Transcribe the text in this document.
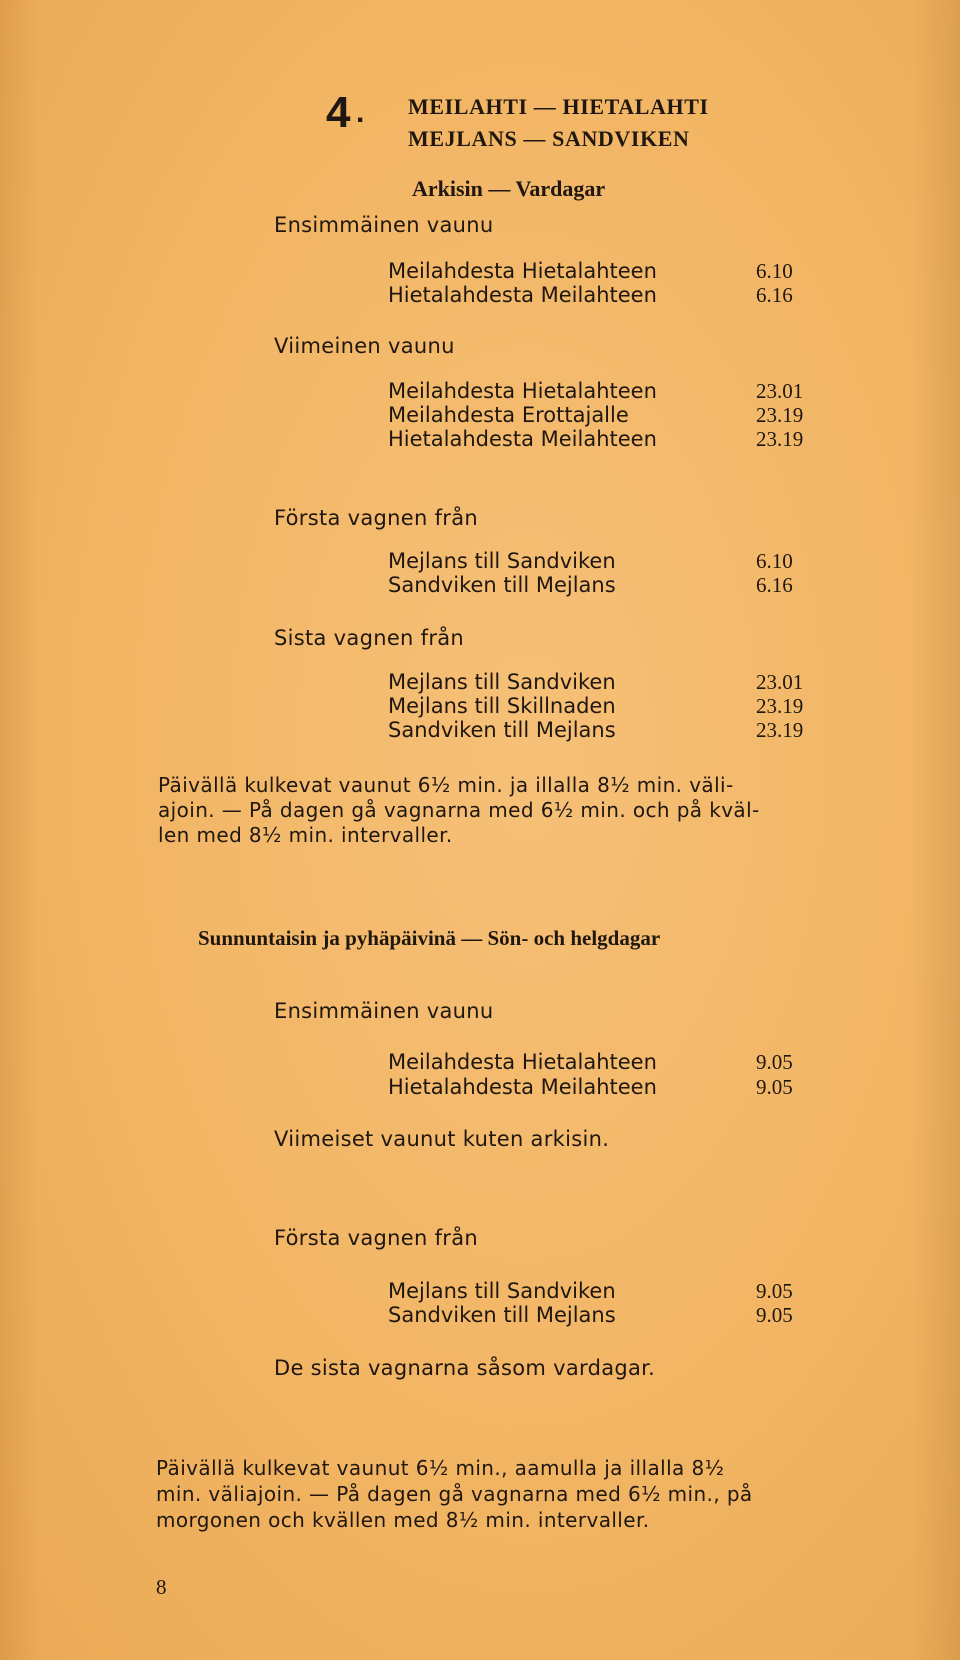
4 . MEILAHTI — HIETALAHTI
MEJLANS — SANDVIKEN
Arkisin — Vardagar
Ensimmäinen vaunu
Meilahdesta Hietalahteen	6.10
Hietalahdesta Meilahteen	6.16
Viimeinen vaunu
Meilahdesta Hietalahteen	23.01
Meilahdesta Erottajalle	23.19
Hietalahdesta Meilahteen	23.19
Första vagnen från
Mejlans till Sandviken	6.10
Sandviken till Mejlans	6.16
Sista vagnen från
Mejlans till Sandviken	23.01
Mejlans till Skillnaden	23.19
Sandviken till Mejlans	23.19
Päivällä kulkevat vaunut 6½ min. ja illalla 8½ min. väli-
ajoin. — På dagen gå vagnarna med 6½ min. och på kväl-
len med 8½ min. intervaller.
Sunnuntaisin ja pyhäpäivinä — Sön- och helgdagar
Ensimmäinen vaunu
Meilahdesta Hietalahteen	9.05
Hietalahdesta Meilahteen	9.05
Viimeiset vaunut kuten arkisin.
Första vagnen från
Mejlans till Sandviken	9.05
Sandviken till Mejlans	9.05
De sista vagnarna såsom vardagar.
Päivällä kulkevat vaunut 6½ min., aamulla ja illalla 8½
min. väliajoin. — På dagen gå vagnarna med 6½ min., på
morgonen och kvällen med 8½ min. intervaller.
8
